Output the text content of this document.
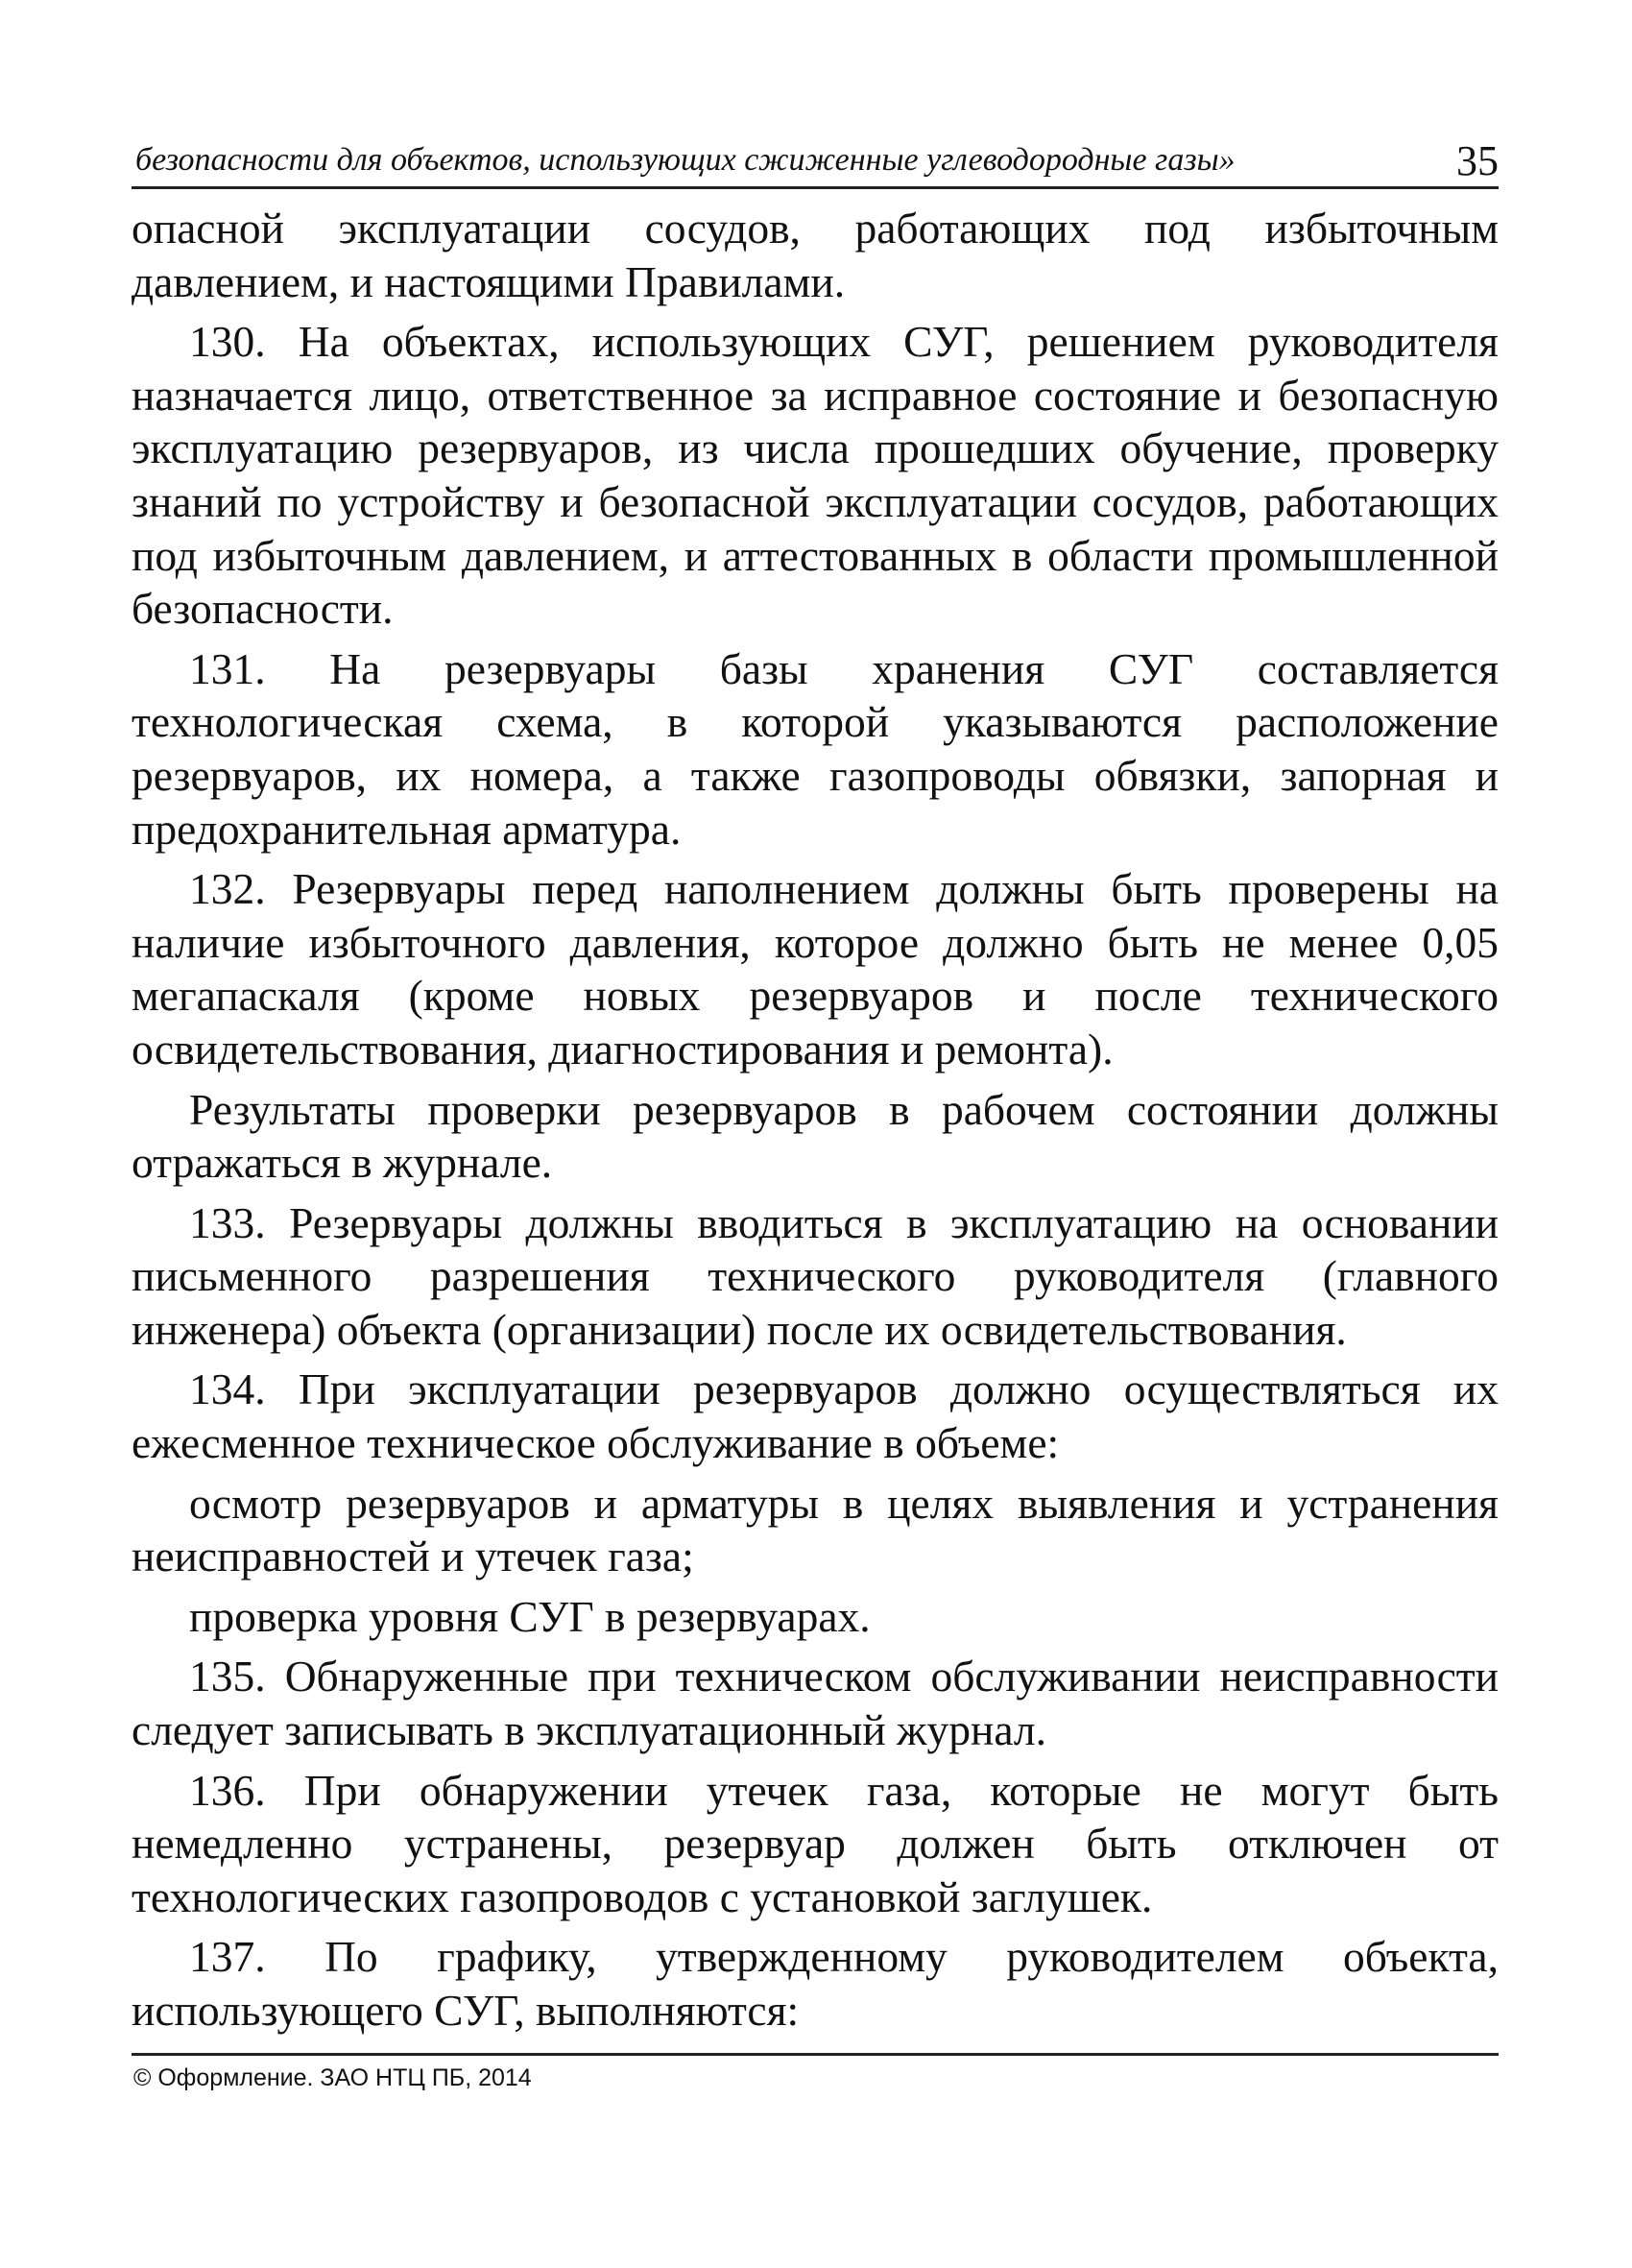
безопасности для объектов, использующих сжиженные углеводородные газы»	35

опасной эксплуатации сосудов, работающих под избыточным давлением, и настоящими Правилами.

130. На объектах, использующих СУГ, решением руководителя назначается лицо, ответственное за исправное состояние и безопасную эксплуатацию резервуаров, из числа прошедших обучение, проверку знаний по устройству и безопасной эксплуатации сосудов, работающих под избыточным давлением, и аттестованных в области промышленной безопасности.

131. На резервуары базы хранения СУГ составляется технологическая схема, в которой указываются расположение резервуаров, их номера, а также газопроводы обвязки, запорная и предохранительная арматура.

132. Резервуары перед наполнением должны быть проверены на наличие избыточного давления, которое должно быть не менее 0,05 мегапаскаля (кроме новых резервуаров и после технического освидетельствования, диагностирования и ремонта).

Результаты проверки резервуаров в рабочем состоянии должны отражаться в журнале.

133. Резервуары должны вводиться в эксплуатацию на основании письменного разрешения технического руководителя (главного инженера) объекта (организации) после их освидетельствования.

134. При эксплуатации резервуаров должно осуществляться их ежесменное техническое обслуживание в объеме:

осмотр резервуаров и арматуры в целях выявления и устранения неисправностей и утечек газа;

проверка уровня СУГ в резервуарах.

135. Обнаруженные при техническом обслуживании неисправности следует записывать в эксплуатационный журнал.

136. При обнаружении утечек газа, которые не могут быть немедленно устранены, резервуар должен быть отключен от технологических газопроводов с установкой заглушек.

137. По графику, утвержденному руководителем объекта, использующего СУГ, выполняются:

© Оформление. ЗАО НТЦ ПБ, 2014
